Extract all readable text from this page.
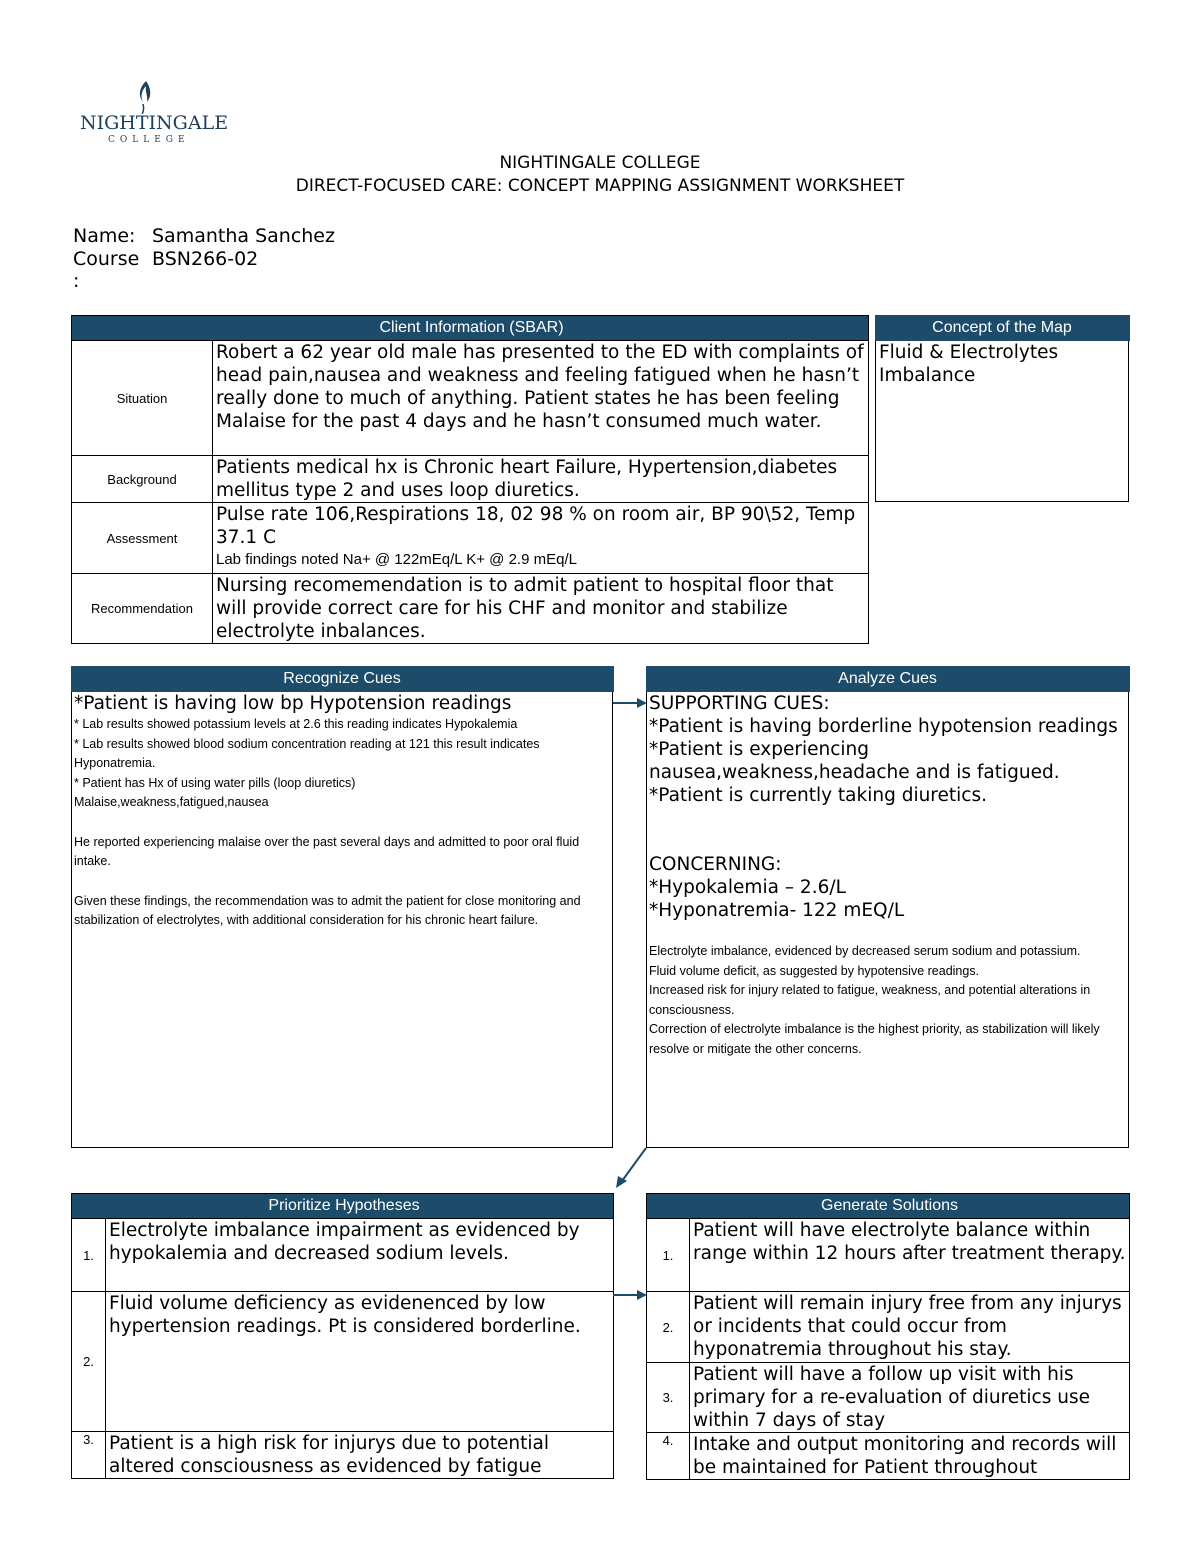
NIGHTINGALE
COLLEGE
NIGHTINGALE COLLEGE
DIRECT-FOCUSED CARE: CONCEPT MAPPING ASSIGNMENT WORKSHEET
Name: Samantha Sanchez
Course BSN266-02
:
Client Information (SBAR)	
Situation	Robert a 62 year old male has presented to the ED with complaints of head pain,nausea and weakness and feeling fatigued when he hasn’t really done to much of anything. Patient states he has been feeling Malaise for the past 4 days and he hasn’t consumed much water.
Background	Patients medical hx is Chronic heart Failure, Hypertension,diabetes mellitus type 2 and uses loop diuretics.
Assessment	Pulse rate 106,Respirations 18, 02 98 % on room air, BP 90\52, Temp 37.1 C
Lab findings noted Na+ @ 122mEq/L K+ @ 2.9 mEq/L

Recommendation	Nursing recomemendation is to admit patient to hospital floor that will provide correct care for his CHF and monitor and stabilize electrolyte inbalances.
Concept of the Map
Fluid & Electrolytes Imbalance
Recognize Cues
*Patient is having low bp Hypotension readings
* Lab results showed potassium levels at 2.6 this reading indicates Hypokalemia
* Lab results showed blood sodium concentration reading at 121 this result indicates Hyponatremia.
* Patient has Hx of using water pills (loop diuretics)
Malaise,weakness,fatigued,nausea
He reported experiencing malaise over the past several days and admitted to poor oral fluid intake.
Given these findings, the recommendation was to admit the patient for close monitoring and stabilization of electrolytes, with additional consideration for his chronic heart failure.
Analyze Cues
SUPPORTING CUES:
*Patient is having borderline hypotension readings
*Patient is experiencing nausea,weakness,headache and is fatigued.
*Patient is currently taking diuretics.
CONCERNING:
*Hypokalemia – 2.6/L
*Hyponatremia- 122 mEQ/L
Electrolyte imbalance, evidenced by decreased serum sodium and potassium.
Fluid volume deficit, as suggested by hypotensive readings.
Increased risk for injury related to fatigue, weakness, and potential alterations in consciousness.
Correction of electrolyte imbalance is the highest priority, as stabilization will likely resolve or mitigate the other concerns.
Prioritize Hypotheses	
1.	Electrolyte imbalance impairment as evidenced by hypokalemia and decreased sodium levels.
2.	Fluid volume deficiency as evidenenced by low hypertension readings. Pt is considered borderline.
3.	Patient is a high risk for injurys due to potential altered consciousness as evidenced by fatigue
Generate Solutions	
1.	Patient will have electrolyte balance within range within 12 hours after treatment therapy.
2.	Patient will remain injury free from any injurys or incidents that could occur from hyponatremia throughout his stay.
3.	Patient will have a follow up visit with his primary for a re-evaluation of diuretics use within 7 days of stay
4.	Intake and output monitoring and records will be maintained for Patient throughout
